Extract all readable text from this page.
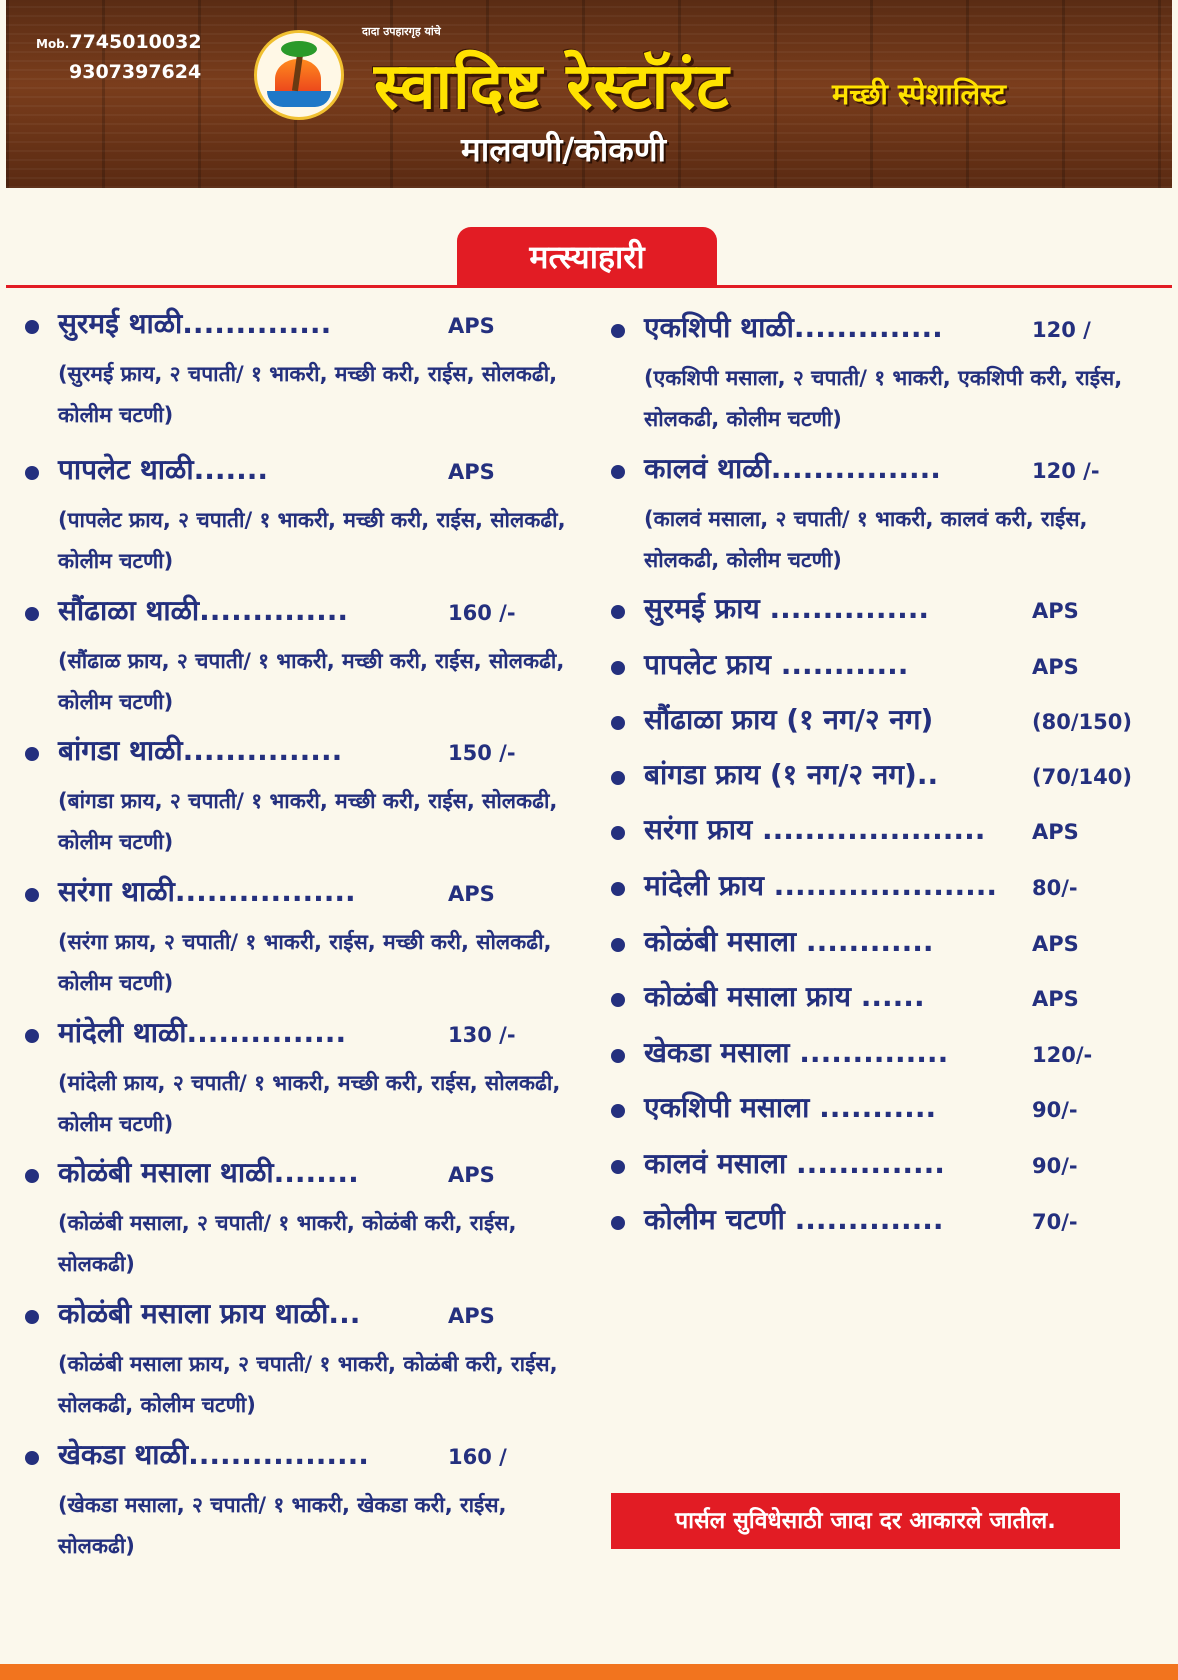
Mob.7745010032
9307397624
दादा उपहारगृह यांचे
स्वादिष्ट रेस्टॉरंट	मच्छी स्पेशालिस्ट
मालवणी/कोकणी
मत्स्याहारी
सुरमई थाळी..............	APS
(सुरमई फ्राय, २ चपाती/ १ भाकरी, मच्छी करी, राईस, सोलकढी, कोलीम चटणी)
पापलेट थाळी.......	APS
(पापलेट फ्राय, २ चपाती/ १ भाकरी, मच्छी करी, राईस, सोलकढी, कोलीम चटणी)
सौंढाळा थाळी..............	160 /-
(सौंढाळ फ्राय, २ चपाती/ १ भाकरी, मच्छी करी, राईस, सोलकढी, कोलीम चटणी)
बांगडा थाळी...............	150 /-
(बांगडा फ्राय, २ चपाती/ १ भाकरी, मच्छी करी, राईस, सोलकढी, कोलीम चटणी)
सरंगा थाळी.................	APS
(सरंगा फ्राय, २ चपाती/ १ भाकरी, राईस, मच्छी करी, सोलकढी, कोलीम चटणी)
मांदेली थाळी...............	130 /-
(मांदेली फ्राय, २ चपाती/ १ भाकरी, मच्छी करी, राईस, सोलकढी, कोलीम चटणी)
कोळंबी मसाला थाळी........	APS
(कोळंबी मसाला, २ चपाती/ १ भाकरी, कोळंबी करी, राईस, सोलकढी)
कोळंबी मसाला फ्राय थाळी...	APS
(कोळंबी मसाला फ्राय, २ चपाती/ १ भाकरी, कोळंबी करी, राईस, सोलकढी, कोलीम चटणी)
खेकडा थाळी.................	160 /
(खेकडा मसाला, २ चपाती/ १ भाकरी, खेकडा करी, राईस, सोलकढी)
एकशिपी थाळी..............	120 /
(एकशिपी मसाला, २ चपाती/ १ भाकरी, एकशिपी करी, राईस, सोलकढी, कोलीम चटणी)
कालवं थाळी................	120 /-
(कालवं मसाला, २ चपाती/ १ भाकरी, कालवं करी, राईस, सोलकढी, कोलीम चटणी)
सुरमई फ्राय ...............	APS
पापलेट फ्राय ............	APS
सौंढाळा फ्राय (१ नग/२ नग)	(80/150)
बांगडा फ्राय (१ नग/२ नग)..	(70/140)
सरंगा फ्राय ..................... APS
मांदेली फ्राय ..................... 80/-
कोळंबी मसाला ............	APS
कोळंबी मसाला फ्राय ......	APS
खेकडा मसाला ..............	120/-
एकशिपी मसाला ...........	90/-
कालवं मसाला ..............	90/-
कोलीम चटणी ..............	70/-
पार्सल सुविधेसाठी जादा दर आकारले जातील.
